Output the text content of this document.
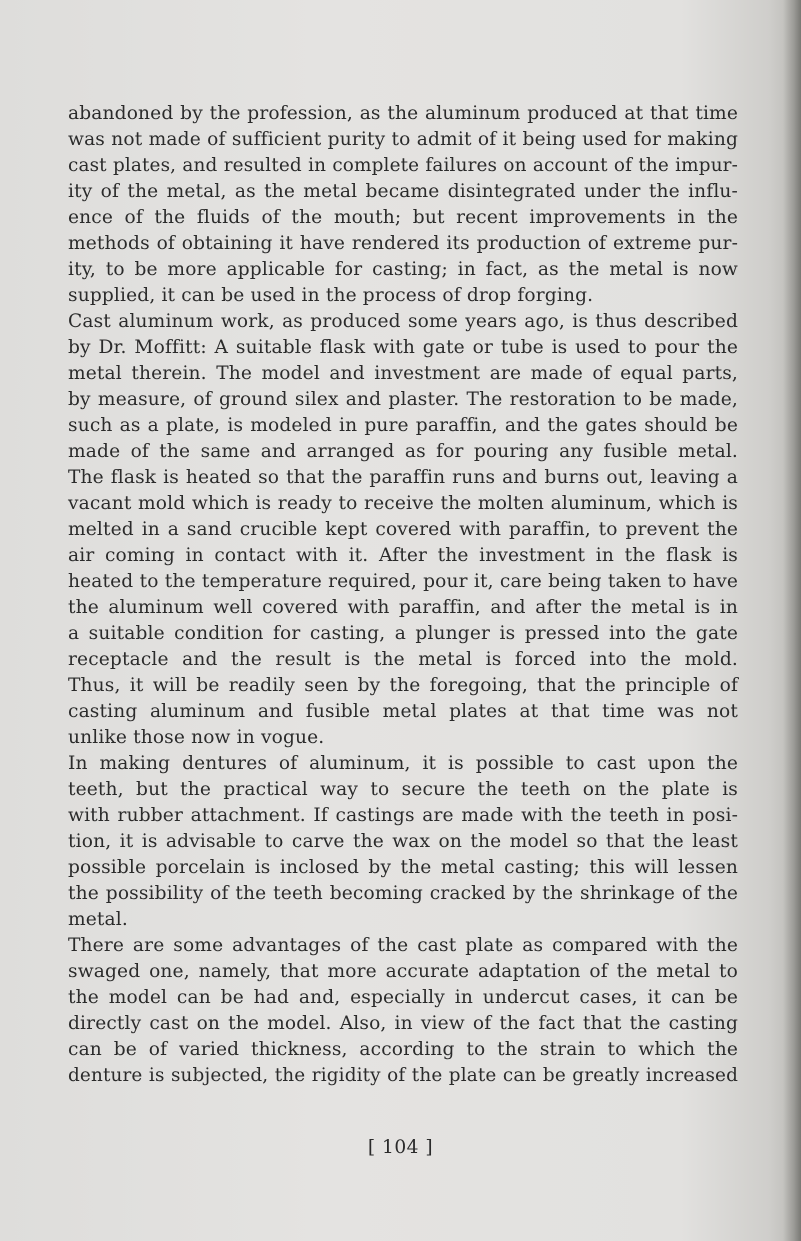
abandoned by the profession, as the aluminum produced at that time
was not made of sufficient purity to admit of it being used for making
cast plates, and resulted in complete failures on account of the impur-
ity of the metal, as the metal became disintegrated under the influ-
ence of the fluids of the mouth; but recent improvements in the
methods of obtaining it have rendered its production of extreme pur-
ity, to be more applicable for casting; in fact, as the metal is now
supplied, it can be used in the process of drop forging.
Cast aluminum work, as produced some years ago, is thus described
by Dr. Moffitt: A suitable flask with gate or tube is used to pour the
metal therein. The model and investment are made of equal parts,
by measure, of ground silex and plaster. The restoration to be made,
such as a plate, is modeled in pure paraffin, and the gates should be
made of the same and arranged as for pouring any fusible metal.
The flask is heated so that the paraffin runs and burns out, leaving a
vacant mold which is ready to receive the molten aluminum, which is
melted in a sand crucible kept covered with paraffin, to prevent the
air coming in contact with it. After the investment in the flask is
heated to the temperature required, pour it, care being taken to have
the aluminum well covered with paraffin, and after the metal is in
a suitable condition for casting, a plunger is pressed into the gate
receptacle and the result is the metal is forced into the mold.
Thus, it will be readily seen by the foregoing, that the principle of
casting aluminum and fusible metal plates at that time was not
unlike those now in vogue.
In making dentures of aluminum, it is possible to cast upon the
teeth, but the practical way to secure the teeth on the plate is
with rubber attachment. If castings are made with the teeth in posi-
tion, it is advisable to carve the wax on the model so that the least
possible porcelain is inclosed by the metal casting; this will lessen
the possibility of the teeth becoming cracked by the shrinkage of the
metal.
There are some advantages of the cast plate as compared with the
swaged one, namely, that more accurate adaptation of the metal to
the model can be had and, especially in undercut cases, it can be
directly cast on the model. Also, in view of the fact that the casting
can be of varied thickness, according to the strain to which the
denture is subjected, the rigidity of the plate can be greatly increased
[ 104 ]
